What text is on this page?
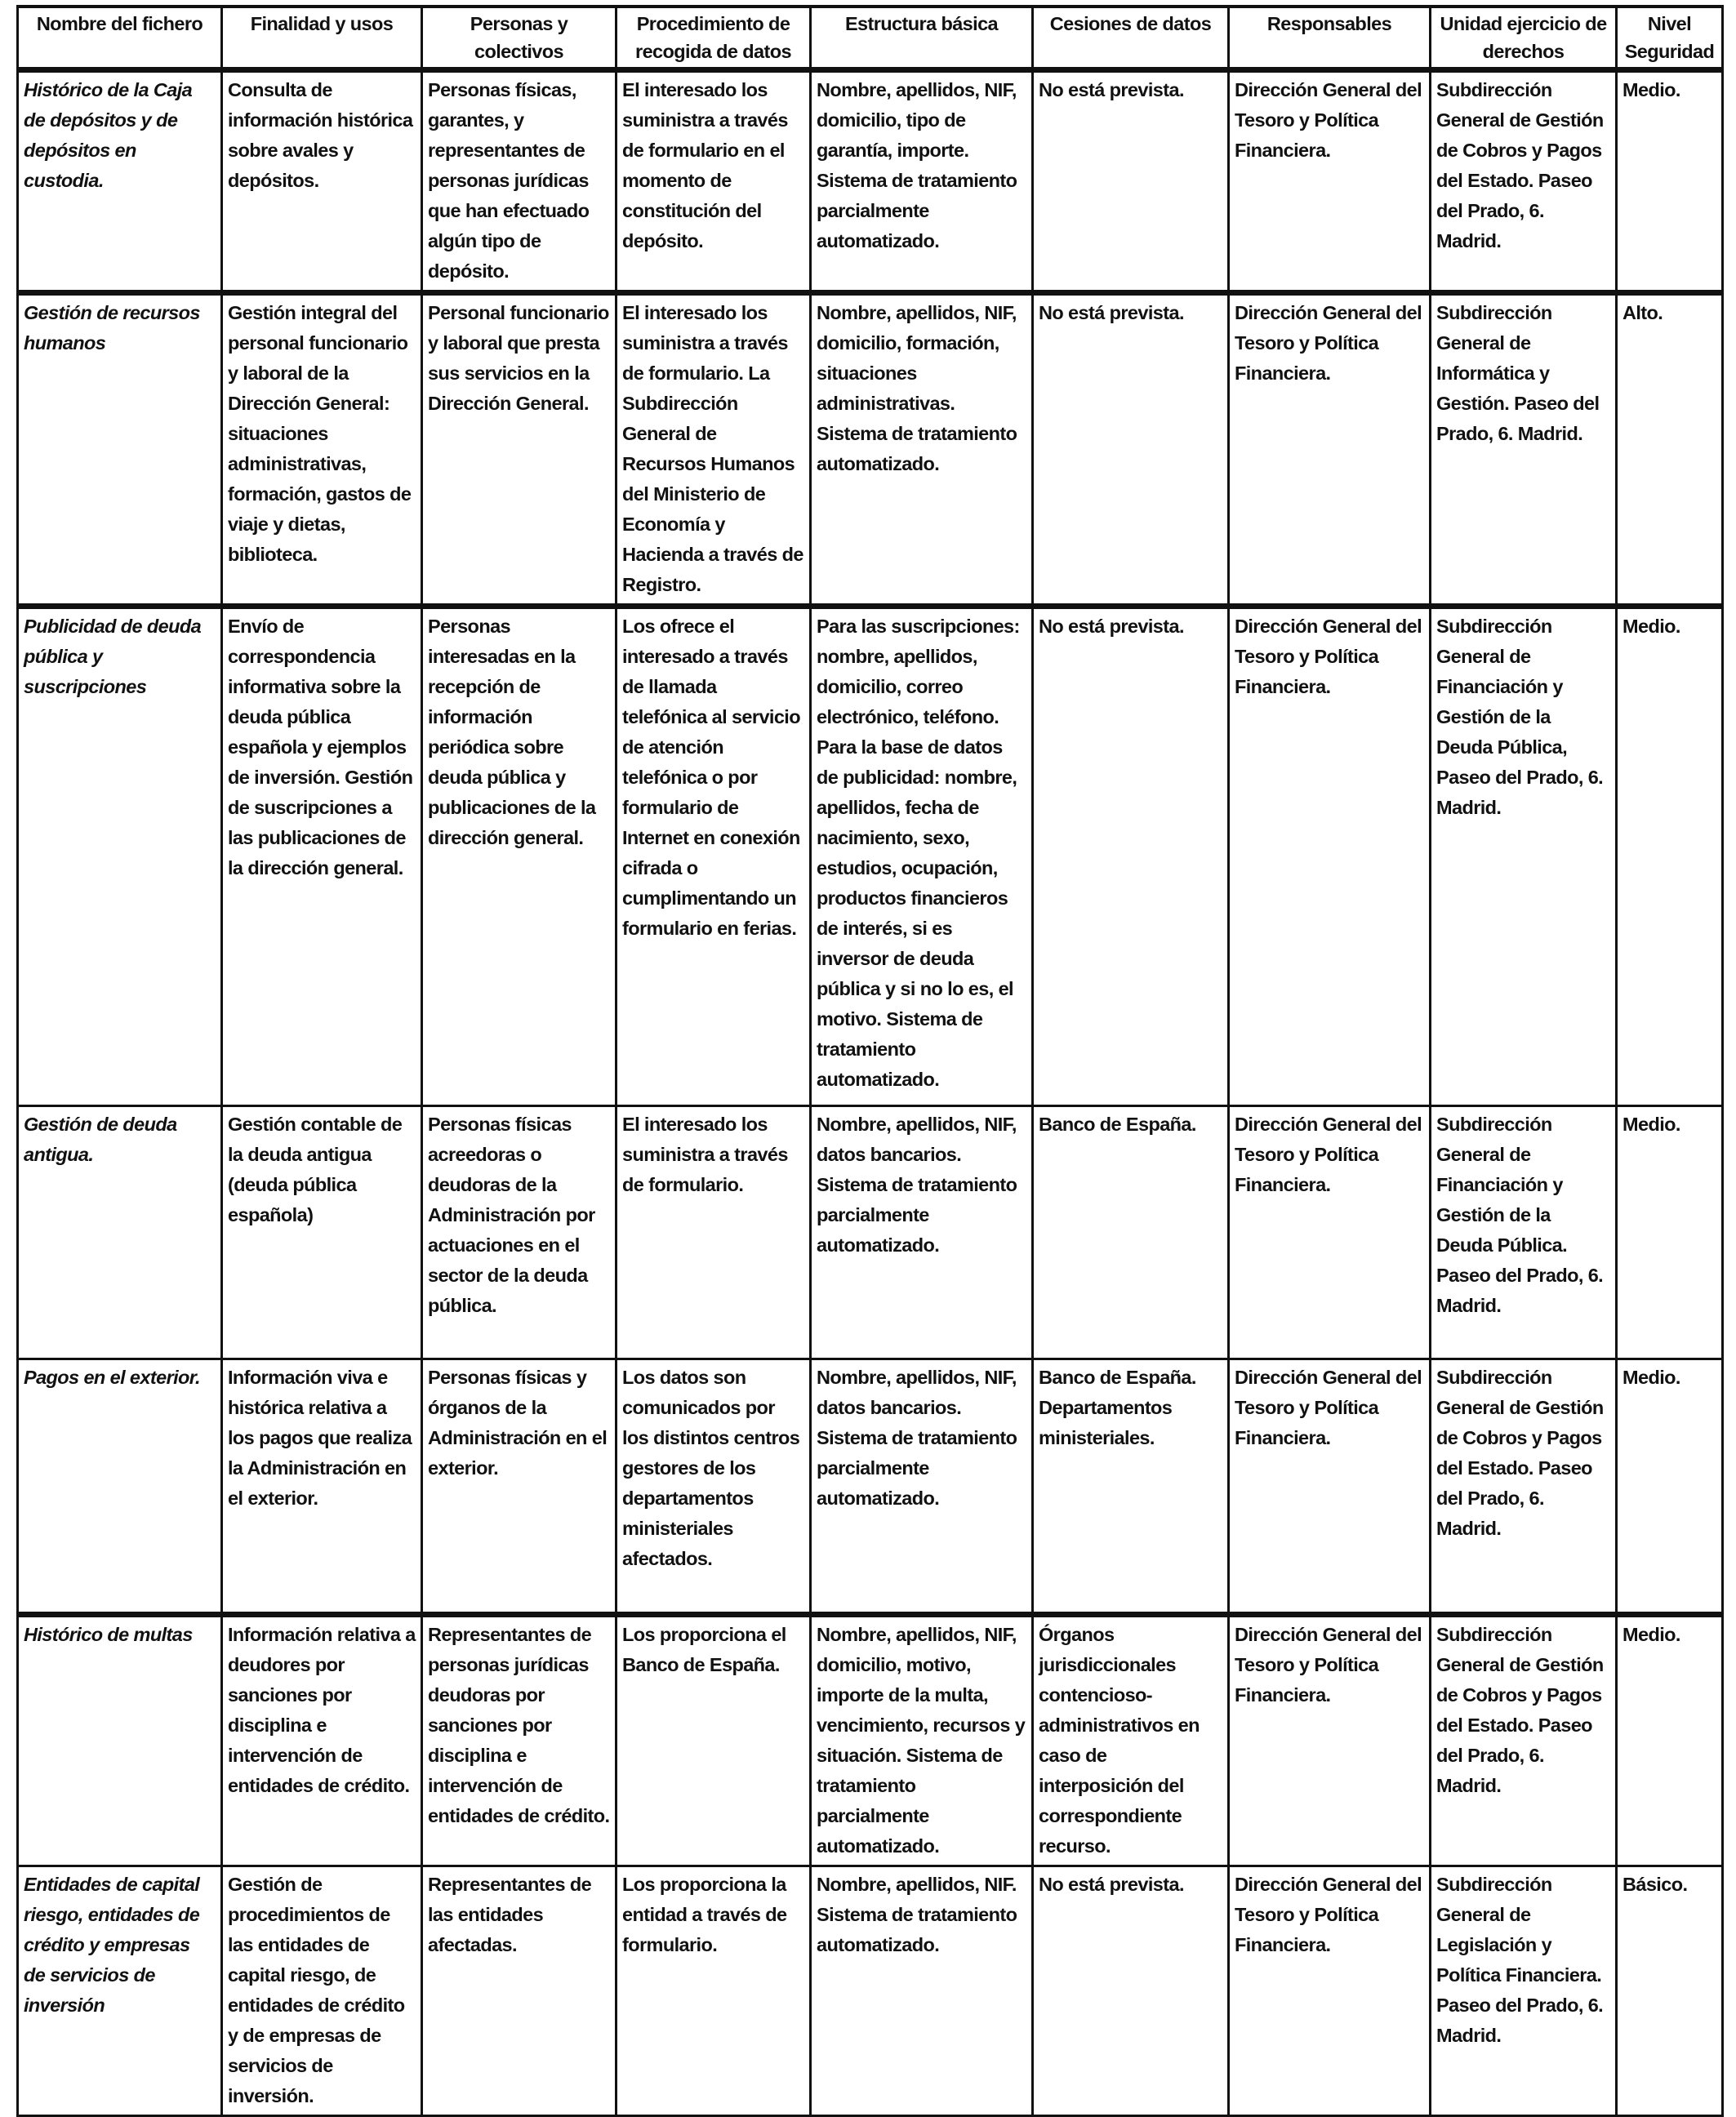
Nombre del fichero	Finalidad y usos	Personas y colectivos	Procedimiento de recogida de datos	Estructura básica	Cesiones de datos	Responsables	Unidad ejercicio de derechos	Nivel Seguridad
Histórico de la Caja de depósitos y de depósitos en custodia.	Consulta de información histórica sobre avales y depósitos.	Personas físicas, garantes, y representantes de personas jurídicas que han efectuado algún tipo de depósito.	El interesado los suministra a través de formulario en el momento de constitución del depósito.	Nombre, apellidos, NIF, domicilio, tipo de garantía, importe. Sistema de tratamiento parcialmente automatizado.	No está prevista.	Dirección General del Tesoro y Política Financiera.	Subdirección General de Gestión de Cobros y Pagos del Estado. Paseo del Prado, 6. Madrid.	Medio.
Gestión de recursos humanos	Gestión integral del personal funcionario y laboral de la Dirección General: situaciones administrativas, formación, gastos de viaje y dietas, biblioteca.	Personal funcionario y laboral que presta sus servicios en la Dirección General.	El interesado los suministra a través de formulario. La Subdirección General de Recursos Humanos del Ministerio de Economía y Hacienda a través de Registro.	Nombre, apellidos, NIF, domicilio, formación, situaciones administrativas. Sistema de tratamiento automatizado.	No está prevista.	Dirección General del Tesoro y Política Financiera.	Subdirección General de Informática y Gestión. Paseo del Prado, 6. Madrid.	Alto.
Publicidad de deuda pública y suscripciones	Envío de correspondencia informativa sobre la deuda pública española y ejemplos de inversión. Gestión de suscripciones a las publicaciones de la dirección general.	Personas interesadas en la recepción de información periódica sobre deuda pública y publicaciones de la dirección general.	Los ofrece el interesado a través de llamada telefónica al servicio de atención telefónica o por formulario de Internet en conexión cifrada o cumplimentando un formulario en ferias.	Para las suscripciones: nombre, apellidos, domicilio, correo electrónico, teléfono. Para la base de datos de publicidad: nombre, apellidos, fecha de nacimiento, sexo, estudios, ocupación, productos financieros de interés, si es inversor de deuda pública y si no lo es, el motivo. Sistema de tratamiento automatizado.	No está prevista.	Dirección General del Tesoro y Política Financiera.	Subdirección General de Financiación y Gestión de la Deuda Pública, Paseo del Prado, 6. Madrid.	Medio.
Gestión de deuda antigua.	Gestión contable de la deuda antigua (deuda pública española)	Personas físicas acreedoras o deudoras de la Administración por actuaciones en el sector de la deuda pública.	El interesado los suministra a través de formulario.	Nombre, apellidos, NIF, datos bancarios. Sistema de tratamiento parcialmente automatizado.	Banco de España.	Dirección General del Tesoro y Política Financiera.	Subdirección General de Financiación y Gestión de la Deuda Pública. Paseo del Prado, 6. Madrid.	Medio.
Pagos en el exterior.	Información viva e histórica relativa a los pagos que realiza la Administración en el exterior.	Personas físicas y órganos de la Administración en el exterior.	Los datos son comunicados por los distintos centros gestores de los departamentos ministeriales afectados.	Nombre, apellidos, NIF, datos bancarios. Sistema de tratamiento parcialmente automatizado.	Banco de España. Departamentos ministeriales.	Dirección General del Tesoro y Política Financiera.	Subdirección General de Gestión de Cobros y Pagos del Estado. Paseo del Prado, 6. Madrid.	Medio.
Histórico de multas	Información relativa a deudores por sanciones por disciplina e intervención de entidades de crédito.	Representantes de personas jurídicas deudoras por sanciones por disciplina e intervención de entidades de crédito.	Los proporciona el Banco de España.	Nombre, apellidos, NIF, domicilio, motivo, importe de la multa, vencimiento, recursos y situación. Sistema de tratamiento parcialmente automatizado.	Órganos jurisdiccionales contencioso-administrativos en caso de interposición del correspondiente recurso.	Dirección General del Tesoro y Política Financiera.	Subdirección General de Gestión de Cobros y Pagos del Estado. Paseo del Prado, 6. Madrid.	Medio.
Entidades de capital riesgo, entidades de crédito y empresas de servicios de inversión	Gestión de procedimientos de las entidades de capital riesgo, de entidades de crédito y de empresas de servicios de inversión.	Representantes de las entidades afectadas.	Los proporciona la entidad a través de formulario.	Nombre, apellidos, NIF. Sistema de tratamiento automatizado.	No está prevista.	Dirección General del Tesoro y Política Financiera.	Subdirección General de Legislación y Política Financiera. Paseo del Prado, 6. Madrid.	Básico.
